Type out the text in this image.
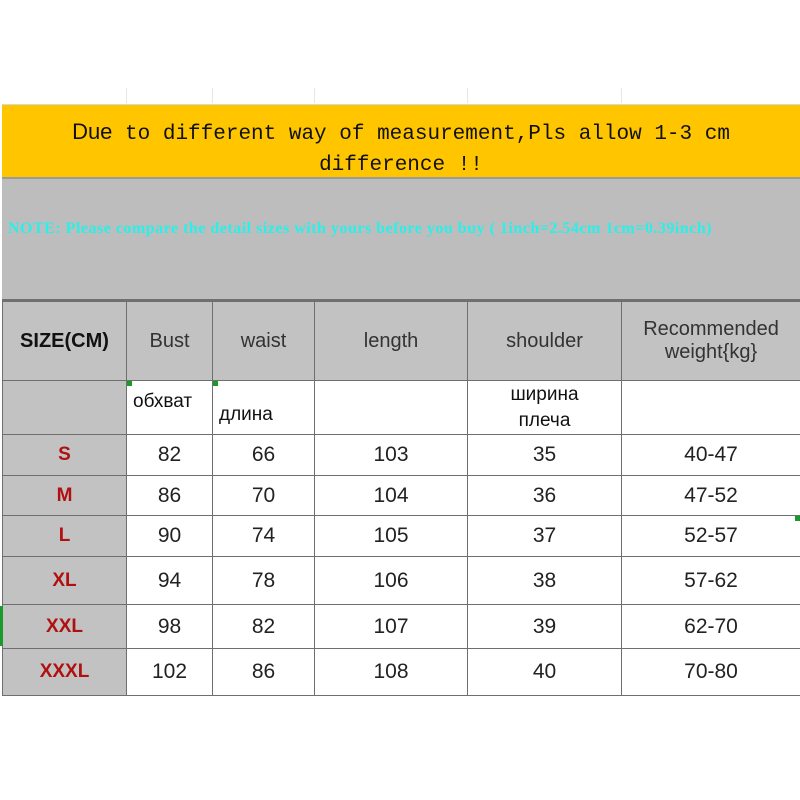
Due to different way of measurement,Pls allow 1-3 cm
difference !!
NOTE: Please compare the detail sizes with yours before you buy ( 1inch=2.54cm 1cm=0.39inch)
SIZE(CM)	Bust	waist	length	shoulder	Recommended weight{kg}

	обхват	длина		ширина плеча	

S	82	66	103	35	40-47
M	86	70	104	36	47-52
L	90	74	105	37	52-57
XL	94	78	106	38	57-62
XXL	98	82	107	39	62-70
XXXL	102	86	108	40	70-80
